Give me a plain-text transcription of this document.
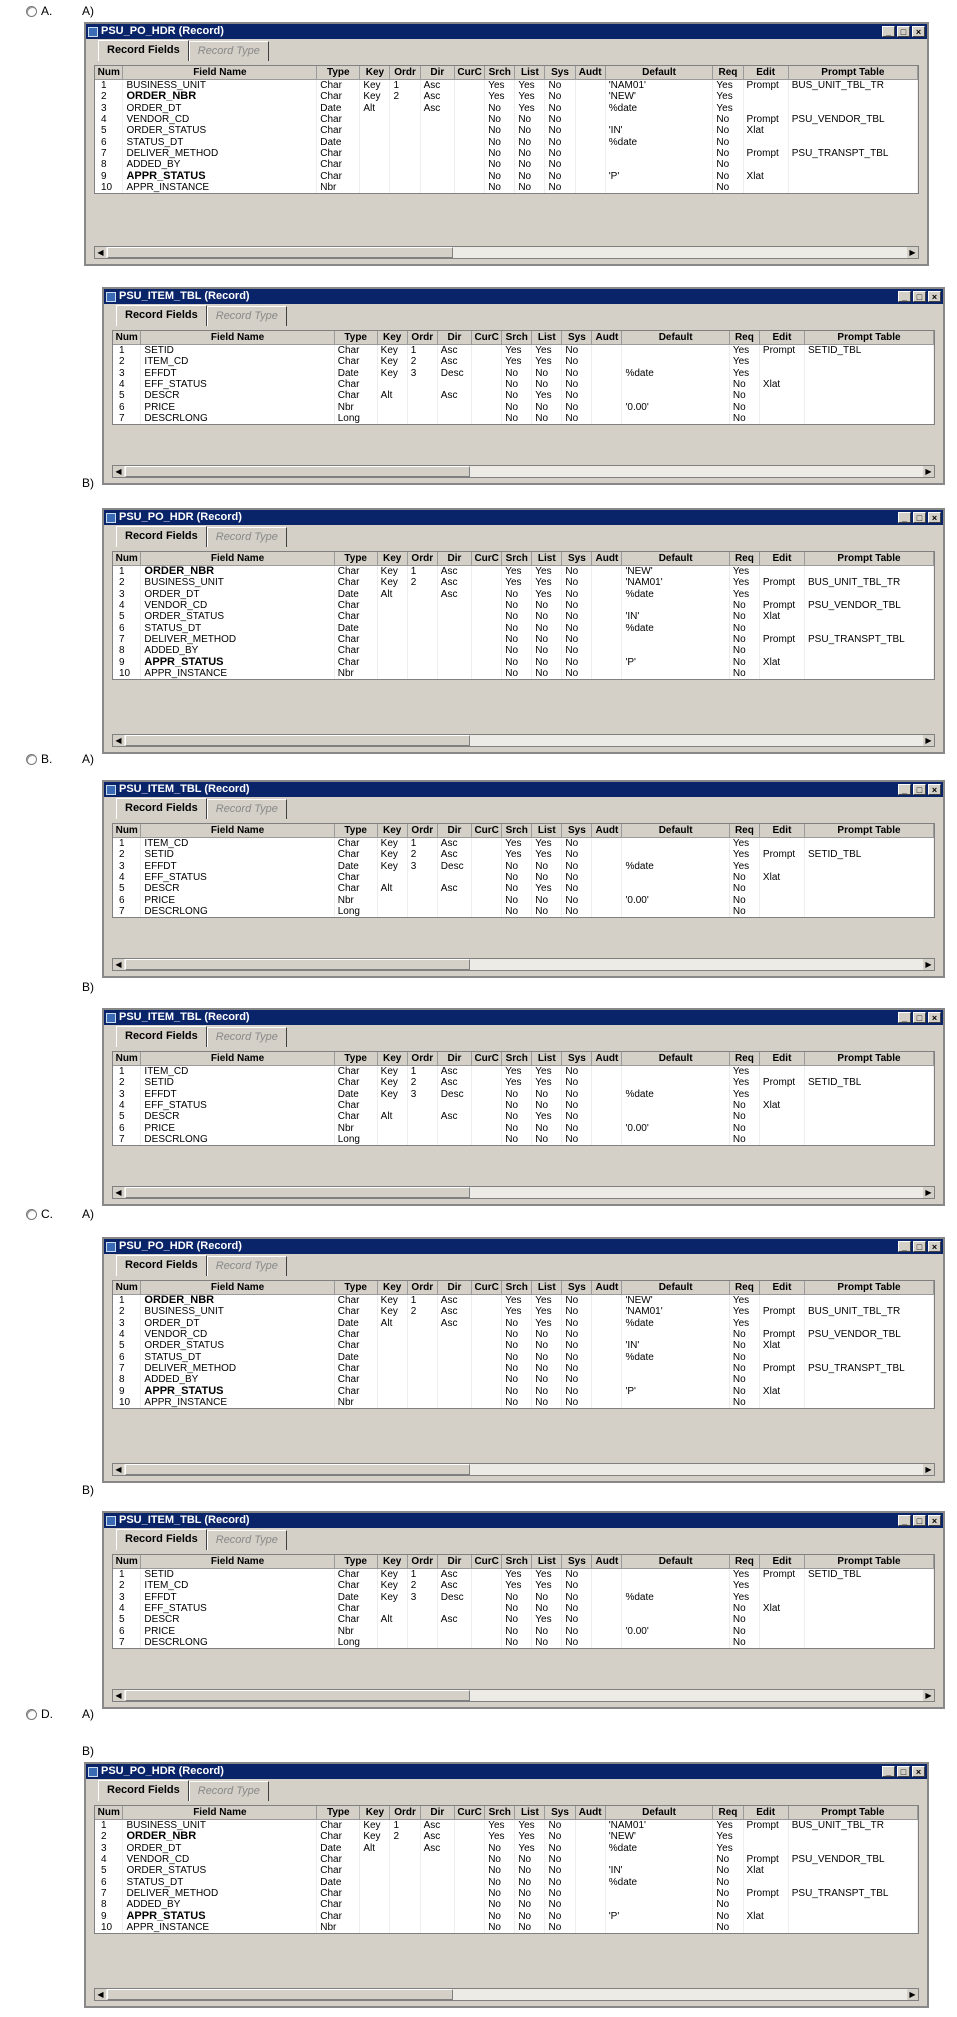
A. A)
B)
B. A)
B)
C. A)
B)
D. A)
B)
PSU_PO_HDR (Record)	_	□	×
Record Fields	Record Type
Num	Field Name	Type	Key	Ordr	Dir	CurC	Srch	List	Sys	Audt	Default	Req	Edit	Prompt Table
1	BUSINESS_UNIT	Char	Key	1	Asc		Yes	Yes	No		'NAM01'	Yes	Prompt	BUS_UNIT_TBL_TR
2	ORDER_NBR	Char	Key	2	Asc		Yes	Yes	No		'NEW'	Yes		
3	ORDER_DT	Date	Alt		Asc		No	Yes	No		%date	Yes		
4	VENDOR_CD	Char					No	No	No			No	Prompt	PSU_VENDOR_TBL
5	ORDER_STATUS	Char					No	No	No		'IN'	No	Xlat	
6	STATUS_DT	Date					No	No	No		%date	No		
7	DELIVER_METHOD	Char					No	No	No			No	Prompt	PSU_TRANSPT_TBL
8	ADDED_BY	Char					No	No	No			No		
9	APPR_STATUS	Char					No	No	No		'P'	No	Xlat	
10	APPR_INSTANCE	Nbr					No	No	No			No		
◀	▶
PSU_ITEM_TBL (Record)	_	□	×
Record Fields	Record Type
Num	Field Name	Type	Key	Ordr	Dir	CurC	Srch	List	Sys	Audt	Default	Req	Edit	Prompt Table
1	SETID	Char	Key	1	Asc		Yes	Yes	No			Yes	Prompt	SETID_TBL
2	ITEM_CD	Char	Key	2	Asc		Yes	Yes	No			Yes		
3	EFFDT	Date	Key	3	Desc		No	No	No		%date	Yes		
4	EFF_STATUS	Char					No	No	No			No	Xlat	
5	DESCR	Char	Alt		Asc		No	Yes	No			No		
6	PRICE	Nbr					No	No	No		'0.00'	No		
7	DESCRLONG	Long					No	No	No			No		
◀	▶
PSU_PO_HDR (Record)	_	□	×
Record Fields	Record Type
Num	Field Name	Type	Key	Ordr	Dir	CurC	Srch	List	Sys	Audt	Default	Req	Edit	Prompt Table
1	ORDER_NBR	Char	Key	1	Asc		Yes	Yes	No		'NEW'	Yes		
2	BUSINESS_UNIT	Char	Key	2	Asc		Yes	Yes	No		'NAM01'	Yes	Prompt	BUS_UNIT_TBL_TR
3	ORDER_DT	Date	Alt		Asc		No	Yes	No		%date	Yes		
4	VENDOR_CD	Char					No	No	No			No	Prompt	PSU_VENDOR_TBL
5	ORDER_STATUS	Char					No	No	No		'IN'	No	Xlat	
6	STATUS_DT	Date					No	No	No		%date	No		
7	DELIVER_METHOD	Char					No	No	No			No	Prompt	PSU_TRANSPT_TBL
8	ADDED_BY	Char					No	No	No			No		
9	APPR_STATUS	Char					No	No	No		'P'	No	Xlat	
10	APPR_INSTANCE	Nbr					No	No	No			No		
◀	▶
PSU_ITEM_TBL (Record)	_	□	×
Record Fields	Record Type
Num	Field Name	Type	Key	Ordr	Dir	CurC	Srch	List	Sys	Audt	Default	Req	Edit	Prompt Table
1	ITEM_CD	Char	Key	1	Asc		Yes	Yes	No			Yes		
2	SETID	Char	Key	2	Asc		Yes	Yes	No			Yes	Prompt	SETID_TBL
3	EFFDT	Date	Key	3	Desc		No	No	No		%date	Yes		
4	EFF_STATUS	Char					No	No	No			No	Xlat	
5	DESCR	Char	Alt		Asc		No	Yes	No			No		
6	PRICE	Nbr					No	No	No		'0.00'	No		
7	DESCRLONG	Long					No	No	No			No		
◀	▶
PSU_ITEM_TBL (Record)	_	□	×
Record Fields	Record Type
Num	Field Name	Type	Key	Ordr	Dir	CurC	Srch	List	Sys	Audt	Default	Req	Edit	Prompt Table
1	ITEM_CD	Char	Key	1	Asc		Yes	Yes	No			Yes		
2	SETID	Char	Key	2	Asc		Yes	Yes	No			Yes	Prompt	SETID_TBL
3	EFFDT	Date	Key	3	Desc		No	No	No		%date	Yes		
4	EFF_STATUS	Char					No	No	No			No	Xlat	
5	DESCR	Char	Alt		Asc		No	Yes	No			No		
6	PRICE	Nbr					No	No	No		'0.00'	No		
7	DESCRLONG	Long					No	No	No			No		
◀	▶
PSU_PO_HDR (Record)	_	□	×
Record Fields	Record Type
Num	Field Name	Type	Key	Ordr	Dir	CurC	Srch	List	Sys	Audt	Default	Req	Edit	Prompt Table
1	ORDER_NBR	Char	Key	1	Asc		Yes	Yes	No		'NEW'	Yes		
2	BUSINESS_UNIT	Char	Key	2	Asc		Yes	Yes	No		'NAM01'	Yes	Prompt	BUS_UNIT_TBL_TR
3	ORDER_DT	Date	Alt		Asc		No	Yes	No		%date	Yes		
4	VENDOR_CD	Char					No	No	No			No	Prompt	PSU_VENDOR_TBL
5	ORDER_STATUS	Char					No	No	No		'IN'	No	Xlat	
6	STATUS_DT	Date					No	No	No		%date	No		
7	DELIVER_METHOD	Char					No	No	No			No	Prompt	PSU_TRANSPT_TBL
8	ADDED_BY	Char					No	No	No			No		
9	APPR_STATUS	Char					No	No	No		'P'	No	Xlat	
10	APPR_INSTANCE	Nbr					No	No	No			No		
◀	▶
PSU_ITEM_TBL (Record)	_	□	×
Record Fields	Record Type
Num	Field Name	Type	Key	Ordr	Dir	CurC	Srch	List	Sys	Audt	Default	Req	Edit	Prompt Table
1	SETID	Char	Key	1	Asc		Yes	Yes	No			Yes	Prompt	SETID_TBL
2	ITEM_CD	Char	Key	2	Asc		Yes	Yes	No			Yes		
3	EFFDT	Date	Key	3	Desc		No	No	No		%date	Yes		
4	EFF_STATUS	Char					No	No	No			No	Xlat	
5	DESCR	Char	Alt		Asc		No	Yes	No			No		
6	PRICE	Nbr					No	No	No		'0.00'	No		
7	DESCRLONG	Long					No	No	No			No		
◀	▶
PSU_PO_HDR (Record)	_	□	×
Record Fields	Record Type
Num	Field Name	Type	Key	Ordr	Dir	CurC	Srch	List	Sys	Audt	Default	Req	Edit	Prompt Table
1	BUSINESS_UNIT	Char	Key	1	Asc		Yes	Yes	No		'NAM01'	Yes	Prompt	BUS_UNIT_TBL_TR
2	ORDER_NBR	Char	Key	2	Asc		Yes	Yes	No		'NEW'	Yes		
3	ORDER_DT	Date	Alt		Asc		No	Yes	No		%date	Yes		
4	VENDOR_CD	Char					No	No	No			No	Prompt	PSU_VENDOR_TBL
5	ORDER_STATUS	Char					No	No	No		'IN'	No	Xlat	
6	STATUS_DT	Date					No	No	No		%date	No		
7	DELIVER_METHOD	Char					No	No	No			No	Prompt	PSU_TRANSPT_TBL
8	ADDED_BY	Char					No	No	No			No		
9	APPR_STATUS	Char					No	No	No		'P'	No	Xlat	
10	APPR_INSTANCE	Nbr					No	No	No			No		
◀	▶
